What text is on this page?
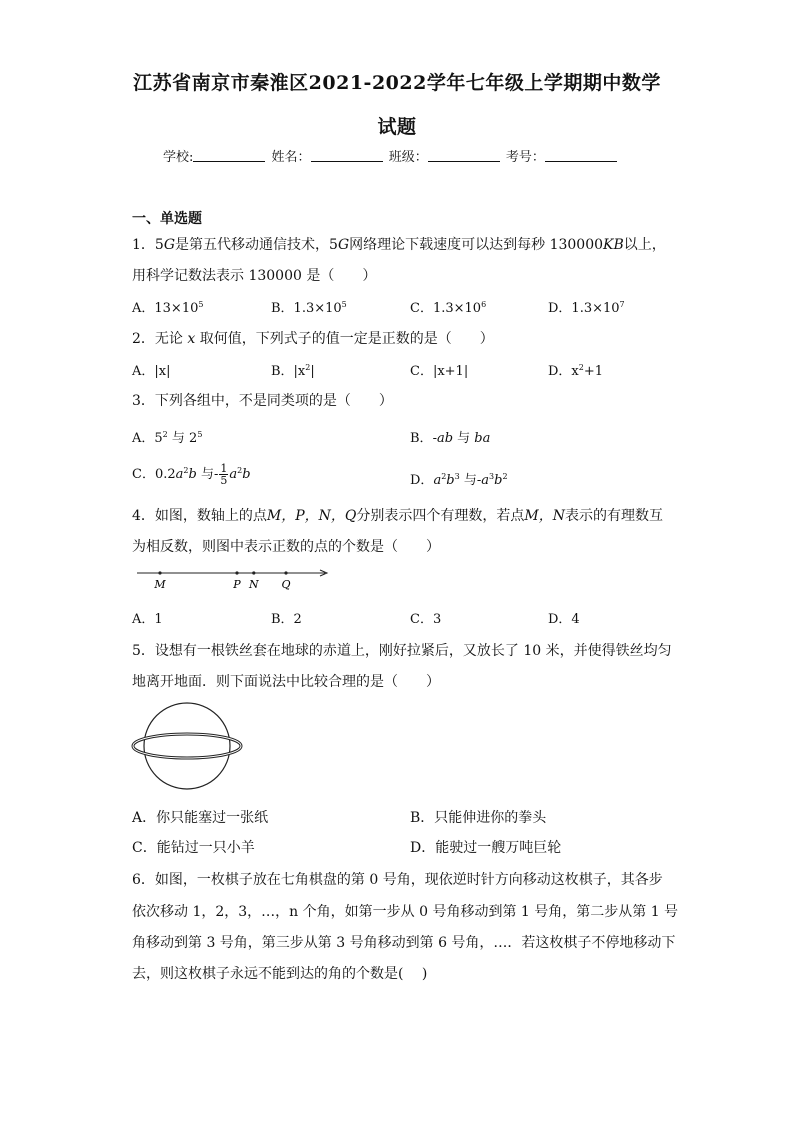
江苏省南京市秦淮区2021-2022学年七年级上学期期中数学
试题
学校:	姓名：	班级：	考号：
一、单选题
1．5G是第五代移动通信技术，5G网络理论下载速度可以达到每秒 130000KB以上，
用科学记数法表示 130000 是（　　）
A．$13\times 10^5$	B．$1.3\times 10^5$	C．$1.3\times 10^6$	D．$1.3\times 10^7$
2．无论 x 取何值，下列式子的值一定是正数的是（　　）
A．|x|	B．$|x^2|$	C．|x+1|	D．$x^2+1$
3．下列各组中，不是同类项的是（　　）
A．$5^2$ 与 $2^5$	B．-ab 与 ba
C．$0.2a^2b$ 与- $\frac{1}{5} a^2b$	D．$a^2b^3$ 与$-a^3b^2$
4．如图，数轴上的点M，P，N，Q分别表示四个有理数，若点M，N表示的有理数互
为相反数，则图中表示正数的点的个数是（　　）
M	P N Q
A．1	B．2	C．3	D．4
5．设想有一根铁丝套在地球的赤道上，刚好拉紧后，又放长了 10 米，并使得铁丝均匀
地离开地面．则下面说法中比较合理的是（　　）
A．你只能塞过一张纸	B．只能伸进你的拳头
C．能钻过一只小羊	D．能驶过一艘万吨巨轮
6．如图，一枚棋子放在七角棋盘的第 0 号角，现依逆时针方向移动这枚棋子，其各步
依次移动 1，2，3，…，n 个角，如第一步从 0 号角移动到第 1 号角，第二步从第 1 号
角移动到第 3 号角，第三步从第 3 号角移动到第 6 号角，…．若这枚棋子不停地移动下
去，则这枚棋子永远不能到达的角的个数是(　 )
